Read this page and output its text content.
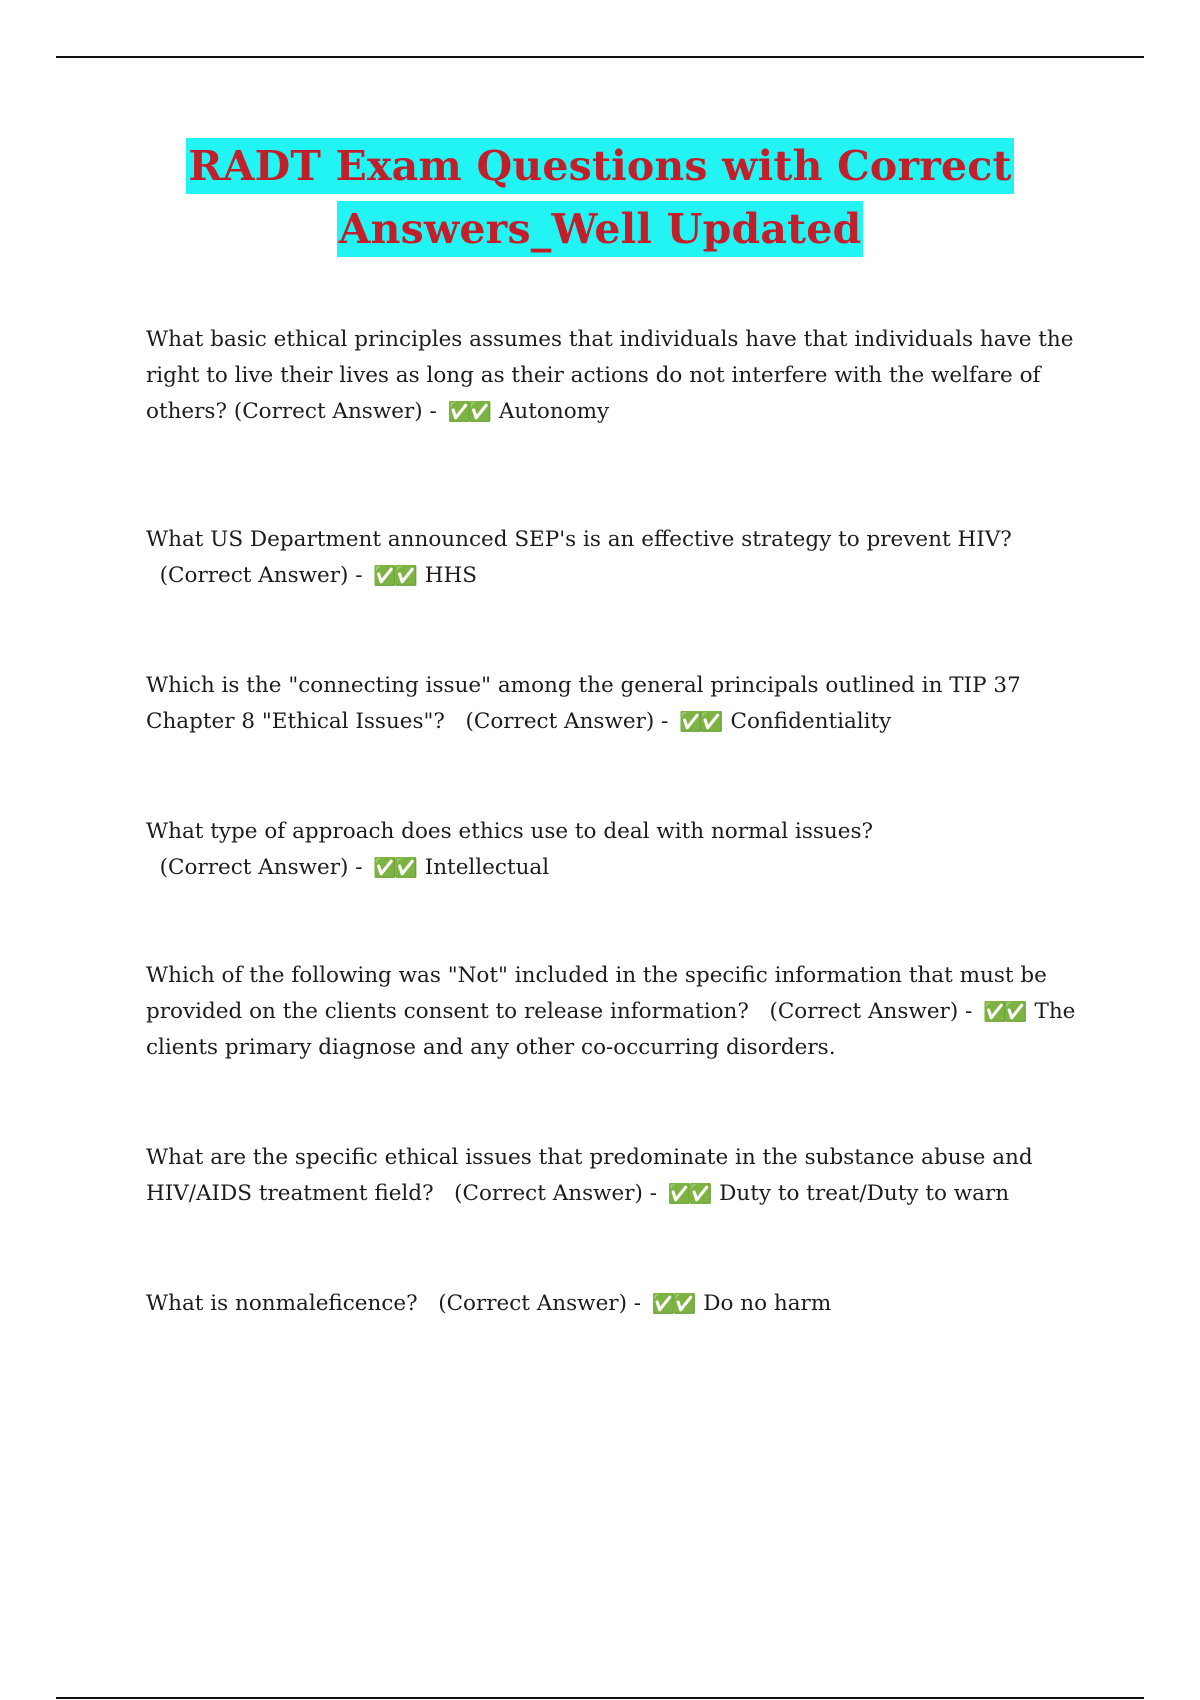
RADT Exam Questions with Correct
Answers_Well Updated

What basic ethical principles assumes that individuals have that individuals have the right to live their lives as long as their actions do not interfere with the welfare of others? (Correct Answer) - ✅✅ Autonomy

What US Department announced SEP's is an effective strategy to prevent HIV?   (Correct Answer) - ✅✅ HHS

Which is the "connecting issue" among the general principals outlined in TIP 37 Chapter 8 "Ethical Issues"? (Correct Answer) - ✅✅ Confidentiality

What type of approach does ethics use to deal with normal issues?   (Correct Answer) - ✅✅ Intellectual

Which of the following was "Not" included in the specific information that must be provided on the clients consent to release information? (Correct Answer) - ✅✅ The clients primary diagnose and any other co-occurring disorders.

What are the specific ethical issues that predominate in the substance abuse and HIV/AIDS treatment field? (Correct Answer) - ✅✅ Duty to treat/Duty to warn

What is nonmaleficence? (Correct Answer) - ✅✅ Do no harm
